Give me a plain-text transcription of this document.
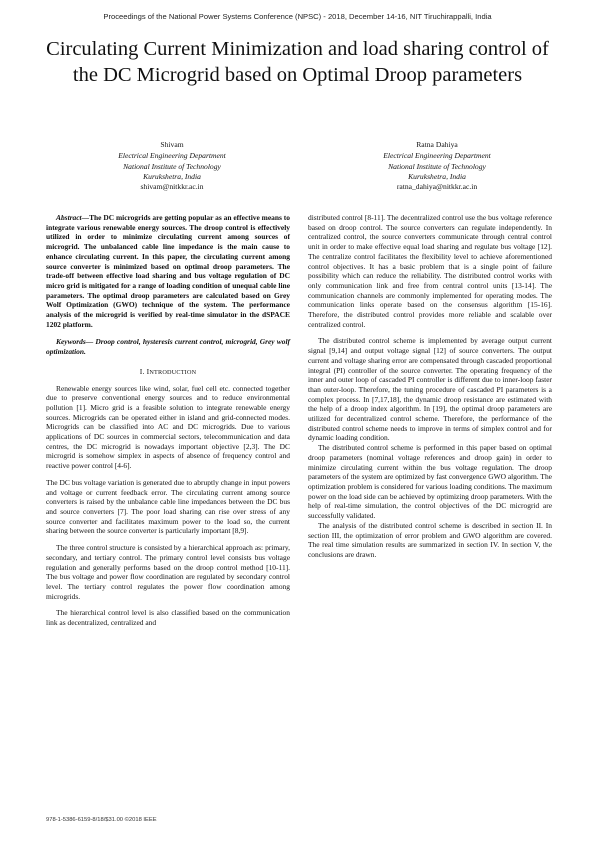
Proceedings of the National Power Systems Conference (NPSC) - 2018, December 14-16, NIT Tiruchirappalli, India
Circulating Current Minimization and load sharing control of the DC Microgrid based on Optimal Droop parameters
Shivam
Electrical Engineering Department
National Institute of Technology
Kurukshetra, India
shivam@nitkkr.ac.in
Ratna Dahiya
Electrical Engineering Department
National Institute of Technology
Kurukshetra, India
ratna_dahiya@nitkkr.ac.in

Abstract—The DC microgrids are getting popular as an effective means to integrate various renewable energy sources. The droop control is effectively utilized in order to minimize circulating current among sources of microgrid. The unbalanced cable line impedance is the main cause to enhance circulating current. In this paper, the circulating current among source converter is minimized based on optimal droop parameters. The trade-off between effective load sharing and bus voltage regulation of DC micro grid is mitigated for a range of loading condition of unequal cable line parameters. The optimal droop parameters are calculated based on Grey Wolf Optimization (GWO) technique of the system. The performance analysis of the microgrid is verified by real-time simulator in the dSPACE 1202 platform.

Keywords— Droop control, hysteresis current control, microgrid, Grey wolf optimization.

I. INTRODUCTION

Renewable energy sources like wind, solar, fuel cell etc. connected together due to preserve conventional energy sources and to reduce environmental pollution [1]. Micro grid is a feasible solution to integrate renewable energy sources. Microgrids can be operated either in island and grid-connected modes. Microgrids can be classified into AC and DC microgrids. Due to various applications of DC sources in commercial sectors, telecommunication and data centres, the DC microgrid is nowadays important objective [2,3]. The DC microgrid is somehow simplex in aspects of absence of frequency control and reactive power control [4-6].

The DC bus voltage variation is generated due to abruptly change in input powers and voltage or current feedback error. The circulating current among source converters is raised by the unbalance cable line impedances between the DC bus and source converters [7]. The poor load sharing can rise over stress of any source converter and facilitates maximum power to the load so, the current sharing between the source converter is particularly important [8,9].

The three control structure is consisted by a hierarchical approach as: primary, secondary, and tertiary control. The primary control level consists bus voltage regulation and generally performs based on the droop control method [10-11]. The bus voltage and power flow coordination are regulated by secondary control level. The tertiary control regulates the power flow coordination among microgrids.

The hierarchical control level is also classified based on the communication link as decentralized, centralized and

distributed control [8-11]. The decentralized control use the bus voltage reference based on droop control. The source converters can regulate independently. In centralized control, the source converters communicate through central control unit in order to make effective equal load sharing and regulate bus voltage [12]. The centralize control facilitates the flexibility level to achieve aforementioned control objectives. It has a basic problem that is a single point of failure possibility which can reduce the reliability. The distributed control works with only communication link and free from central control units [13-14]. The communication channels are commonly implemented for operating modes. The communication links operate based on the consensus algorithm [15-16]. Therefore, the distributed control provides more reliable and scalable over centralized control.

The distributed control scheme is implemented by average output current signal [9,14] and output voltage signal [12] of source converters. The output current and voltage sharing error are compensated through cascaded proportional integral (PI) controller of the source converter. The operating frequency of the inner and outer loop of cascaded PI controller is different due to inner-loop faster than outer-loop. Therefore, the tuning procedure of cascaded PI parameters is a complex process. In [7,17,18], the dynamic droop resistance are estimated with the help of a droop index algorithm. In [19], the optimal droop parameters are utilized for decentralized control scheme. Therefore, the performance of the distributed control scheme needs to improve in terms of simplex control and for dynamic loading condition.

The distributed control scheme is performed in this paper based on optimal droop parameters (nominal voltage references and droop gain) in order to minimize circulating current within the bus voltage regulation. The droop parameters of the system are optimized by fast convergence GWO algorithm. The optimization problem is considered for various loading conditions. The maximum power on the load side can be achieved by optimizing droop parameters. With the help of real-time simulation, the control objectives of the DC microgrid are successfully validated.

The analysis of the distributed control scheme is described in section II. In section III, the optimization of error problem and GWO algorithm are covered. The real time simulation results are summarized in section IV. In section V, the conclusions are drawn.

978-1-5386-6159-8/18/$31.00 ©2018 IEEE
